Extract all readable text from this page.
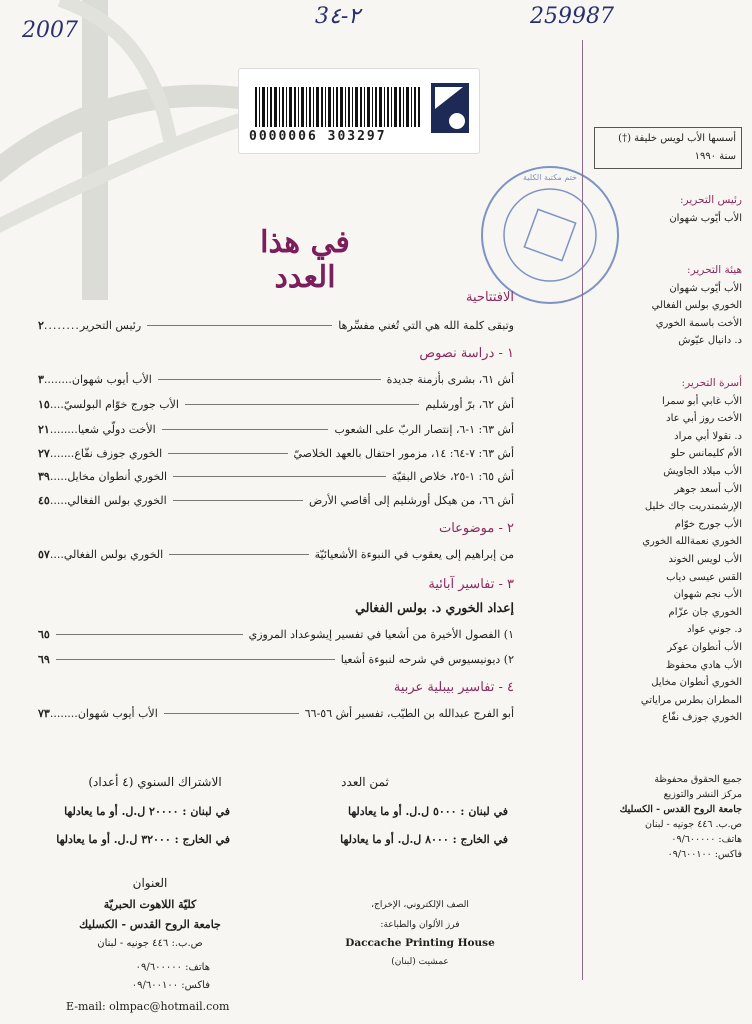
2007
3٢-٤	259987
0000006 303297
ختم مكتبة الكلية
أسسها الأب لويس خليفة (†)
سنة ١٩٩٠
رئيس التحرير:
الأب أيّوب شهوان
هيئة التحرير:
الأب أيّوب شهوان
الخوري بولس الفغالي
الأخت باسمة الخوري
د. دانيال عيّوش
أسرة التحرير:
الأب غابي أبو سمرا
الأخت روز أبي عاد
د. نقولا أبي مراد
الأم كليمانس حلو
الأب ميلاد الجاويش
الأب أسعد جوهر
الإرشمندريت جاك خليل
الأب جورج خوّام
الخوري نعمةالله الخوري
الأب لويس الخوند
القس عيسى دياب
الأب نجم شهوان
الخوري جان عزّام
د. جوني عواد
الأب أنطوان عوكر
الأب هادي محفوظ
الخوري أنطوان مخايل
المطران بطرس مراياتي
الخوري جوزف نفّاع
جميع الحقوق محفوظة
مركز النشر والتوزيع
جامعة الروح القدس - الكسليك
ص.ب. ٤٤٦ جونيه - لبنان
هاتف: ٠٩/٦٠٠٠٠٠
فاكس: ٠٩/٦٠٠١٠٠
في هذا العدد
الافتتاحية
وتبقى كلمة الله هي التي تُغني مفسِّرها
رئيس التحرير
........
٢
١ - دراسة نصوص
أش ٦١، بشرى بأزمنة جديدة
الأب أيوب شهوان
........
٣
أش ٦٢، برّ أورشليم
الأب جورج خوّام البولسيّ
....
١٥
أش ٦٣: ١-٦، إنتصار الربّ على الشعوب
الأخت دولّي شعيا
........
٢١
أش ٦٣: ٧-٦٤: ١٤، مزمور احتفال بالعهد الخلاصيّ
الخوري جوزف نفّاع
.......
٢٧
أش ٦٥: ١-٢٥، خلاص البقيّة
الخوري أنطوان مخايل
.....
٣٩
أش ٦٦، من هيكل أورشليم إلى أقاصي الأرض
الخوري بولس الفغالي
.....
٤٥
٢ - موضوعات
من إبراهيم إلى يعقوب في النبوءة الأشعيائيّة
الخوري بولس الفغالي
....
٥٧
٣ - تفاسير آبائية
إعداد الخوري د. بولس الفغالي
١) الفصول الأخيرة من أشعيا في تفسير إيشوعداد المروزي
٦٥
٢) ديونيسيوس في شرحه لنبوءة أشعيا
٦٩
٤ - تفاسير بيبلية عربية
أبو الفرج عبدالله بن الطيّب، تفسير أش ٥٦-٦٦
الأب أيوب شهوان
........
٧٣
ثمن العدد
في لبنان : ٥٠٠٠ ل.ل. أو ما يعادلها
في الخارج : ٨٠٠٠ ل.ل. أو ما يعادلها
الاشتراك السنوي (٤ أعداد)
في لبنان : ٢٠٠٠٠ ل.ل. أو ما يعادلها
في الخارج : ٣٢٠٠٠ ل.ل. أو ما يعادلها
العنوان
كليّة اللاهوت الحبريّة
جامعة الروح القدس - الكسليك
ص.ب.: ٤٤٦ جونيه - لبنان
هاتف: ٠٩/٦٠٠٠٠٠
فاكس: ٠٩/٦٠٠١٠٠
E-mail: olmpac@hotmail.com
الصف الإلكتروني، الإخراج،
فرز الألوان والطباعة:
Daccache Printing House
عمشيت (لبنان)
